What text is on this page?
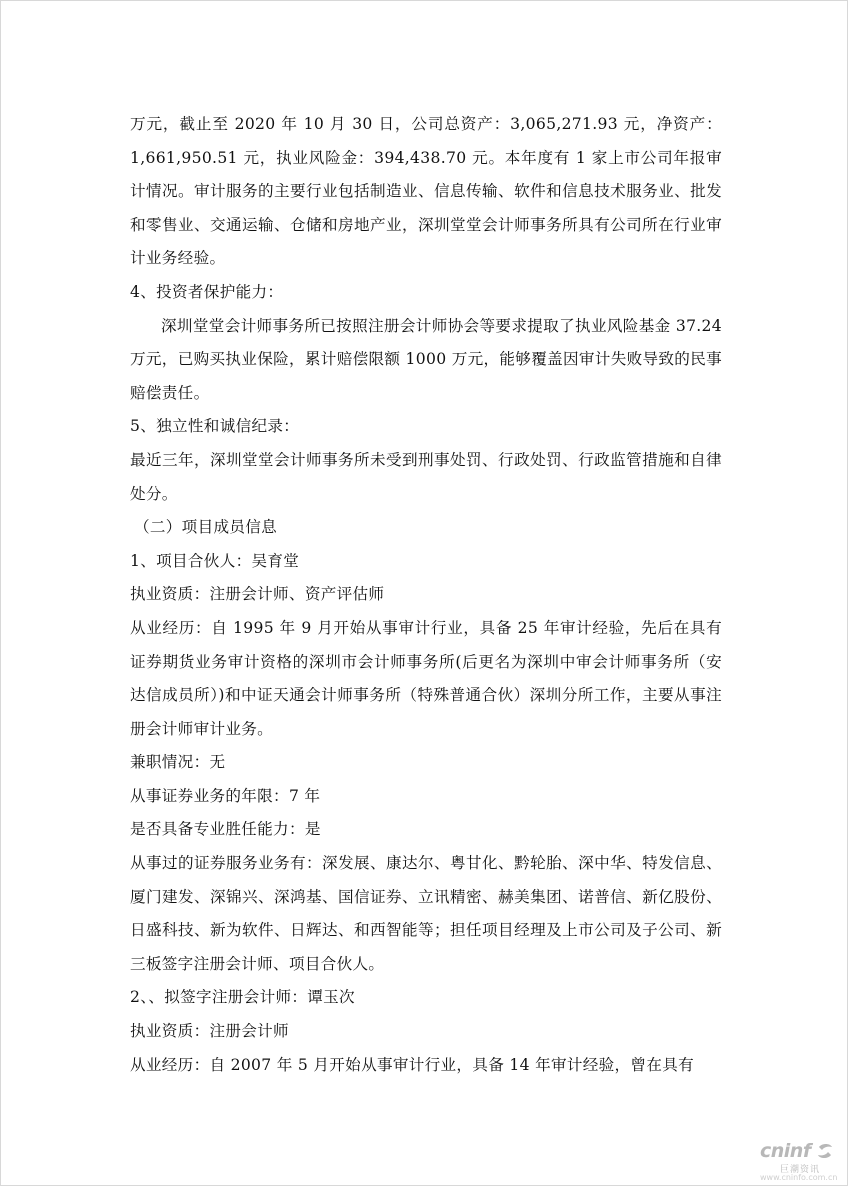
万元，截止至 2020 年 10 月 30 日，公司总资产：3,065,271.93 元，净资产：1,661,950.51 元，执业风险金：394,438.70 元。本年度有 1 家上市公司年报审计情况。审计服务的主要行业包括制造业、信息传输、软件和信息技术服务业、批发和零售业、交通运输、仓储和房地产业，深圳堂堂会计师事务所具有公司所在行业审计业务经验。

4、投资者保护能力：

深圳堂堂会计师事务所已按照注册会计师协会等要求提取了执业风险基金 37.24 万元，已购买执业保险，累计赔偿限额 1000 万元，能够覆盖因审计失败导致的民事赔偿责任。

5、独立性和诚信纪录：

最近三年，深圳堂堂会计师事务所未受到刑事处罚、行政处罚、行政监管措施和自律处分。

（二）项目成员信息

1、项目合伙人：吴育堂

执业资质：注册会计师、资产评估师

从业经历：自 1995 年 9 月开始从事审计行业，具备 25 年审计经验，先后在具有证券期货业务审计资格的深圳市会计师事务所(后更名为深圳中审会计师事务所（安达信成员所）)和中证天通会计师事务所（特殊普通合伙）深圳分所工作，主要从事注册会计师审计业务。

兼职情况：无

从事证券业务的年限：7 年

是否具备专业胜任能力：是

从事过的证券服务业务有：深发展、康达尔、粤甘化、黔轮胎、深中华、特发信息、厦门建发、深锦兴、深鸿基、国信证券、立讯精密、赫美集团、诺普信、新亿股份、日盛科技、新为软件、日辉达、和西智能等；担任项目经理及上市公司及子公司、新三板签字注册会计师、项目合伙人。

2、、拟签字注册会计师：谭玉次

执业资质：注册会计师

从业经历：自 2007 年 5 月开始从事审计行业，具备 14 年审计经验，曾在具有

cninf
巨潮资讯
www.cninfo.com.cn
